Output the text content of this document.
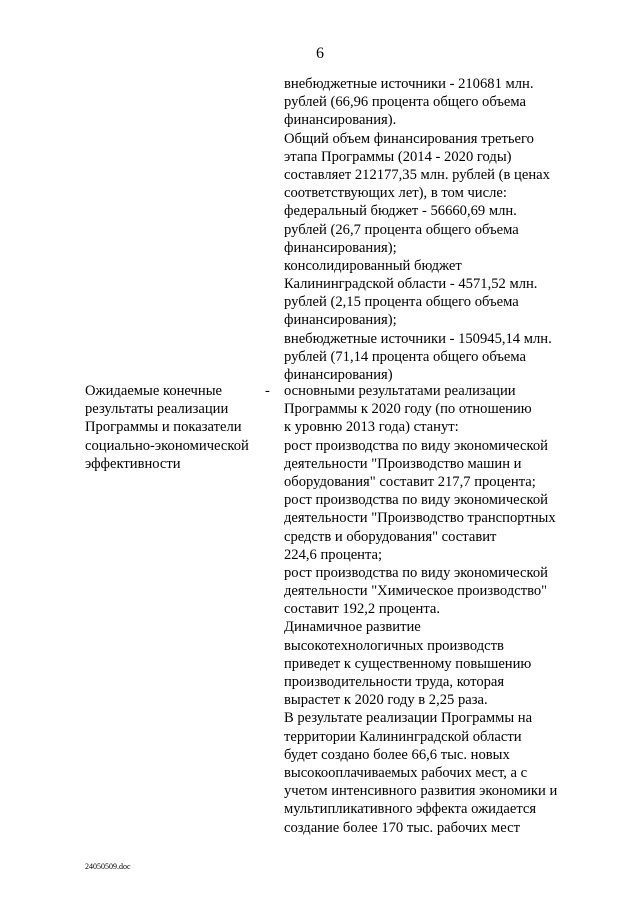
6
внебюджетные источники - 210681 млн.
рублей (66,96 процента общего объема
финансирования).
Общий объем финансирования третьего
этапа Программы (2014 - 2020 годы)
составляет 212177,35 млн. рублей (в ценах
соответствующих лет), в том числе:
федеральный бюджет - 56660,69 млн.
рублей (26,7 процента общего объема
финансирования);
консолидированный бюджет
Калининградской области - 4571,52 млн.
рублей (2,15 процента общего объема
финансирования);
внебюджетные источники - 150945,14 млн.
рублей (71,14 процента общего объема
финансирования)
Ожидаемые конечные
результаты реализации
Программы и показатели
социально-экономической
эффективности
- основными результатами реализации
Программы к 2020 году (по отношению
к уровню 2013 года) станут:
рост производства по виду экономической
деятельности "Производство машин и
оборудования" составит 217,7 процента;
рост производства по виду экономической
деятельности "Производство транспортных
средств и оборудования" составит
224,6 процента;
рост производства по виду экономической
деятельности "Химическое производство"
составит 192,2 процента.
Динамичное развитие
высокотехнологичных производств
приведет к существенному повышению
производительности труда, которая
вырастет к 2020 году в 2,25 раза.
В результате реализации Программы на
территории Калининградской области
будет создано более 66,6 тыс. новых
высокооплачиваемых рабочих мест, а с
учетом интенсивного развития экономики и
мультипликативного эффекта ожидается
создание более 170 тыс. рабочих мест
24050509.doc
